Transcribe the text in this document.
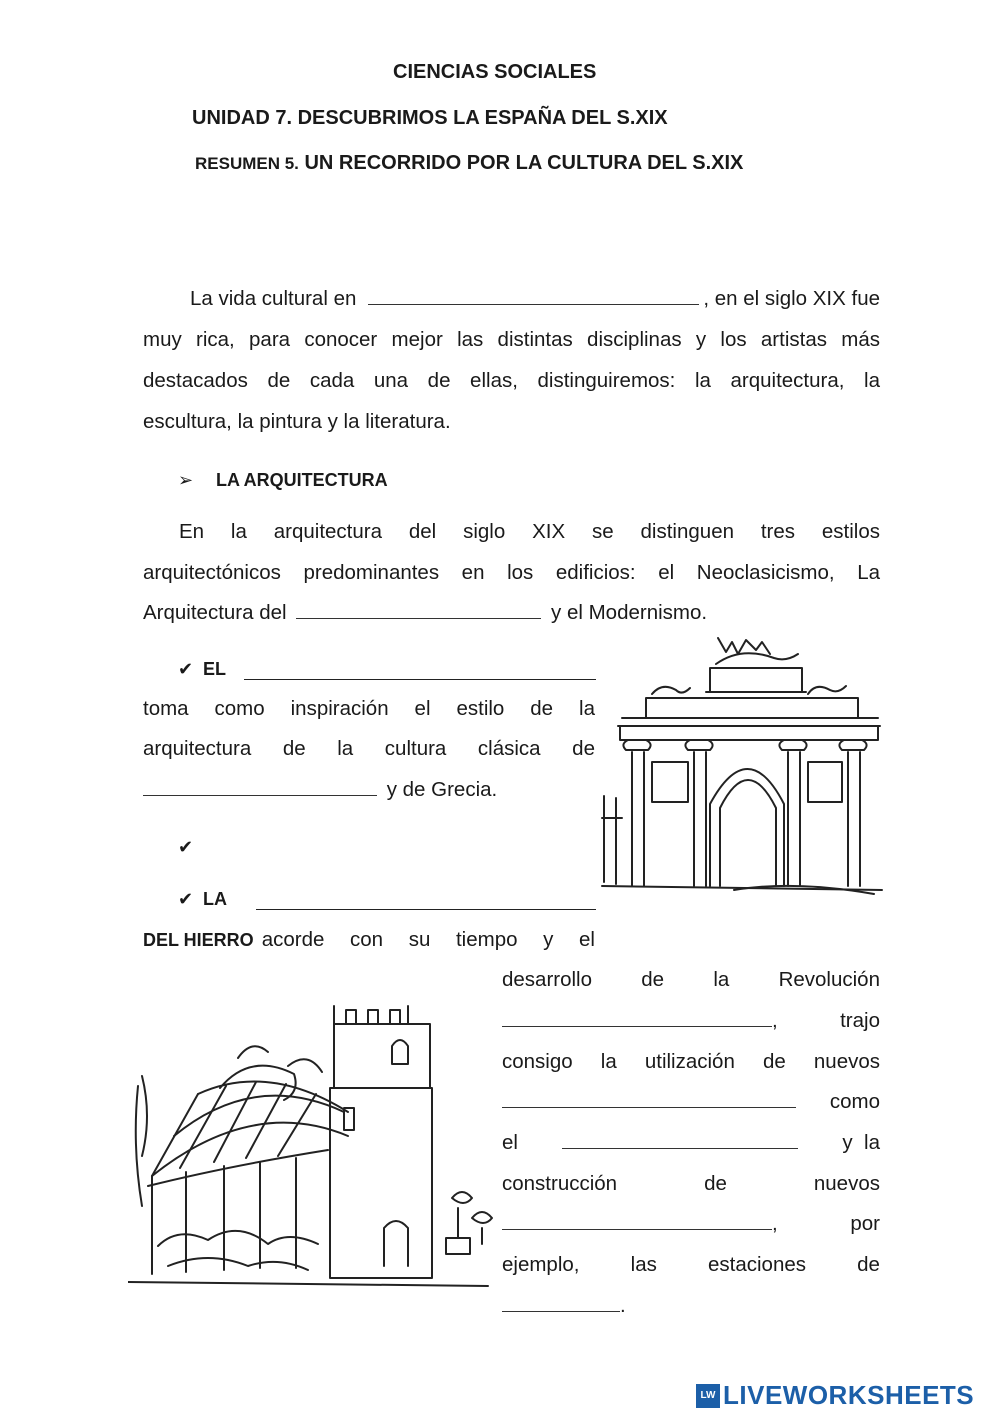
CIENCIAS SOCIALES
UNIDAD 7. DESCUBRIMOS LA ESPAÑA DEL S.XIX
RESUMEN 5. UN RECORRIDO POR LA CULTURA DEL S.XIX
La vida cultural en	, en el siglo XIX fue
muy rica, para conocer mejor las distintas disciplinas y los artistas más
destacados de cada una de ellas, distinguiremos: la arquitectura, la
escultura, la pintura y la literatura.
➢ LA ARQUITECTURA
En la arquitectura del siglo XIX se distinguen tres estilos
arquitectónicos predominantes en los edificios: el Neoclasicismo, La
Arquitectura del	y el Modernismo.
✔ EL
toma como inspiración el estilo de la
arquitectura de la cultura clásica de
y de Grecia.
✔
✔ LA
DEL HIERRO acorde con su tiempo y el
desarrollo de la Revolución
,	trajo
consigo la utilización de nuevos
como
el	y  la
construcción	de	nuevos
,	por
ejemplo, las estaciones de
.
LW LIVEWORKSHEETS
